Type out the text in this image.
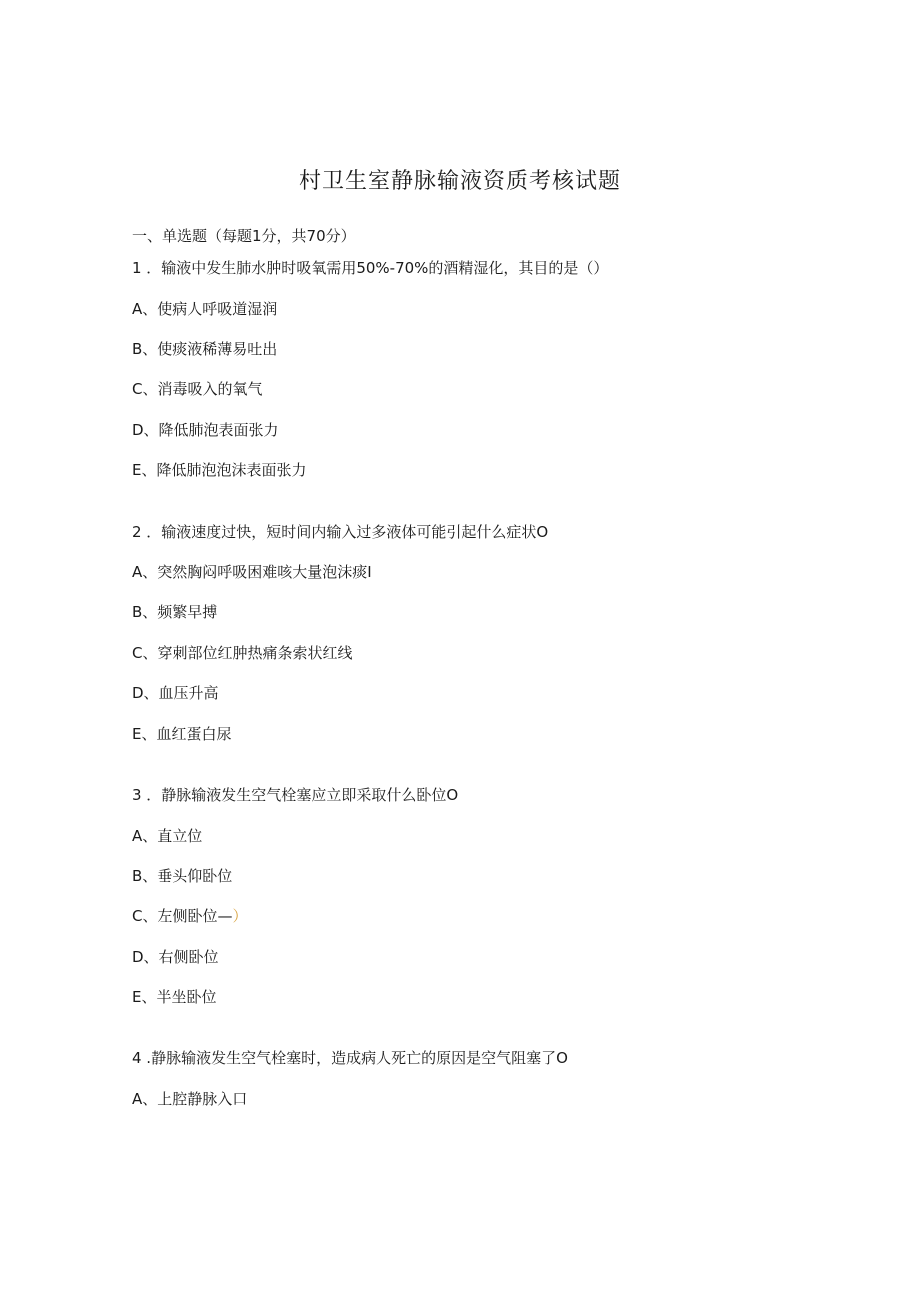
村卫生室静脉输液资质考核试题
一、单选题（每题1分，共70分）
1 ．输液中发生肺水肿时吸氧需用50%-70%的酒精湿化，其目的是（）
A、使病人呼吸道湿润
B、使痰液稀薄易吐出
C、消毒吸入的氧气
D、降低肺泡表面张力
E、降低肺泡泡沫表面张力
2 ．输液速度过快，短时间内输入过多液体可能引起什么症状O
A、突然胸闷呼吸困难咳大量泡沫痰I
B、频繁早搏
C、穿刺部位红肿热痛条索状红线
D、血压升高
E、血红蛋白尿
3 ．静脉输液发生空气栓塞应立即采取什么卧位O
A、直立位
B、垂头仰卧位
C、左侧卧位—）
D、右侧卧位
E、半坐卧位
4 .静脉输液发生空气栓塞时，造成病人死亡的原因是空气阻塞了O
A、上腔静脉入口
